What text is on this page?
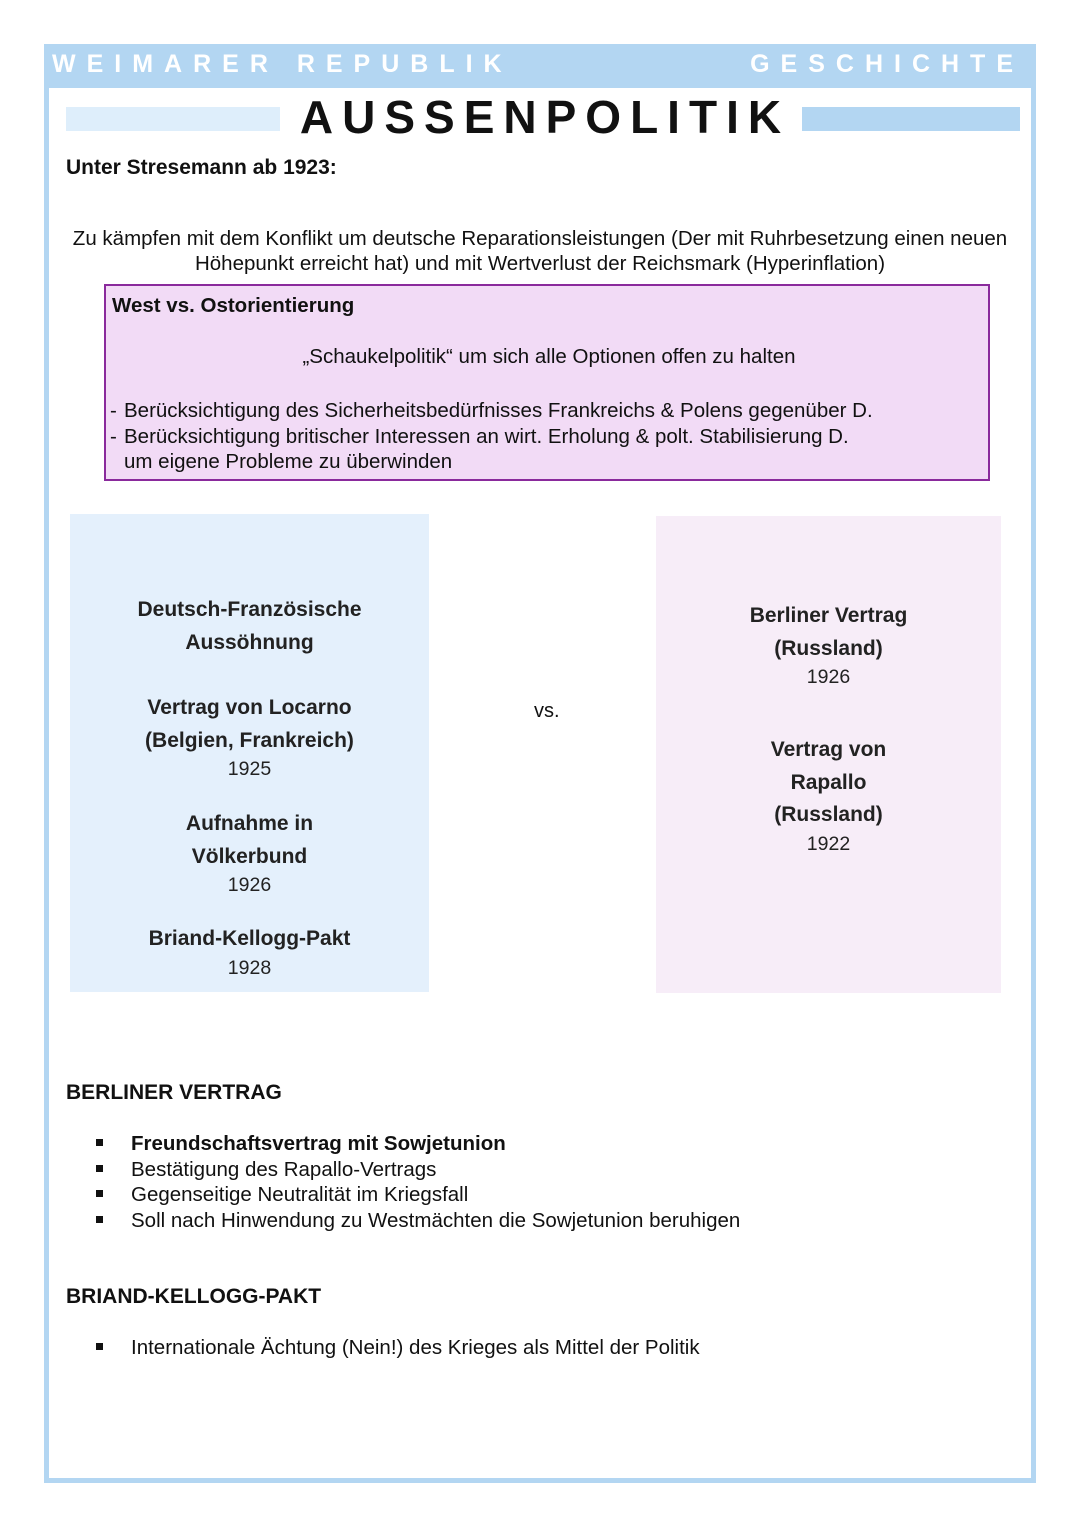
WEIMARER REPUBLIK	GESCHICHTE
AUSSENPOLITIK
Unter Stresemann ab 1923:
Zu kämpfen mit dem Konflikt um deutsche Reparationsleistungen (Der mit Ruhrbesetzung einen neuen Höhepunkt erreicht hat) und mit Wertverlust der Reichsmark (Hyperinflation)
West vs. Ostorientierung
„Schaukelpolitik“ um sich alle Optionen offen zu halten
- Berücksichtigung des Sicherheitsbedürfnisses Frankreichs & Polens gegenüber D.
- Berücksichtigung britischer Interessen an wirt. Erholung & polt. Stabilisierung D. um eigene Probleme zu überwinden
Deutsch-Französische Aussöhnung
Vertrag von Locarno (Belgien, Frankreich)
1925
Aufnahme in Völkerbund
1926
Briand-Kellogg-Pakt
1928
vs.
Berliner Vertrag (Russland)
1926
Vertrag von Rapallo (Russland)
1922
BERLINER VERTRAG
Freundschaftsvertrag mit Sowjetunion
Bestätigung des Rapallo-Vertrags
Gegenseitige Neutralität im Kriegsfall
Soll nach Hinwendung zu Westmächten die Sowjetunion beruhigen
BRIAND-KELLOGG-PAKT
Internationale Ächtung (Nein!) des Krieges als Mittel der Politik
